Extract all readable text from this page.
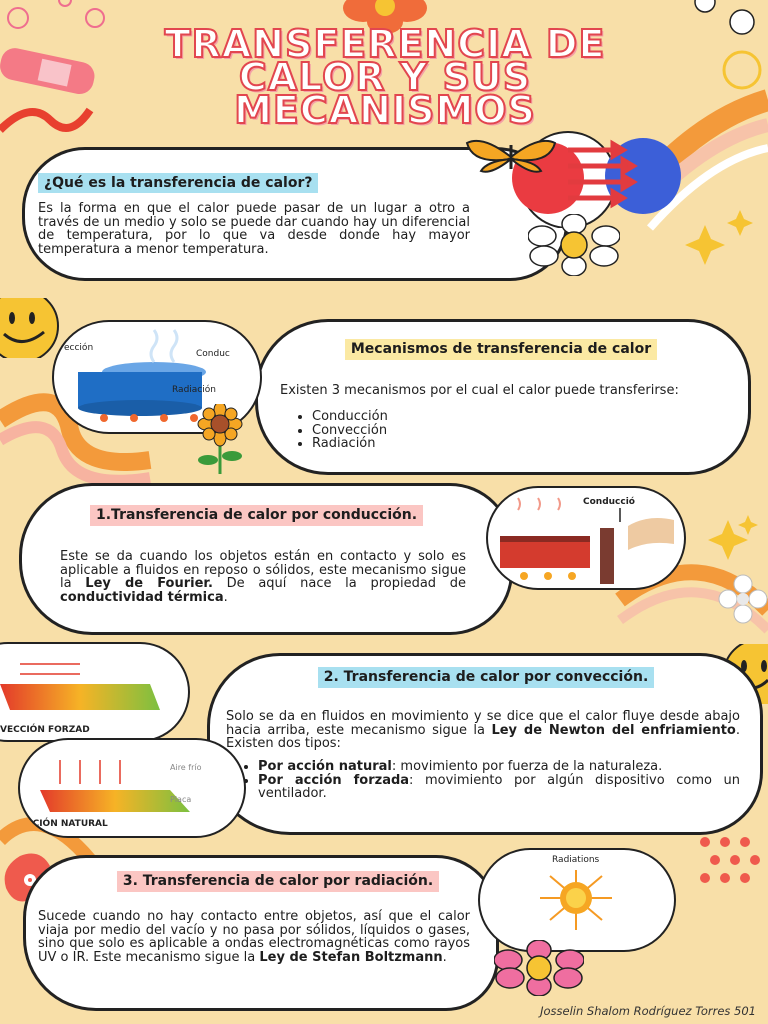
TRANSFERENCIA DE
CALOR Y SUS
MECANISMOS
¿Qué es la transferencia de calor?

Es la forma en que el calor puede pasar de un lugar a otro a través de un medio y solo se puede dar cuando hay un diferencial de temperatura, por lo que va desde donde hay mayor temperatura a menor temperatura.

Mecanismos de transferencia de calor

Existen 3 mecanismos por el cual el calor puede transferirse:

• Conducción
• Convección
• Radiación
ección
Conduc
Radiación
1.Transferencia de calor por conducción.

Este se da cuando los objetos están en contacto y solo es aplicable a fluidos en reposo o sólidos, este mecanismo sigue la Ley de Fourier. De aquí nace la propiedad de conductividad térmica.

Conducció
2. Transferencia de calor por convección.

Solo se da en fluidos en movimiento y se dice que el calor fluye desde abajo hacia arriba, este mecanismo sigue la Ley de Newton del enfriamiento. Existen dos tipos:

• Por acción natural: movimiento por fuerza de la naturaleza.
• Por acción forzada: movimiento por algún dispositivo como un ventilador.
VECCIÓN FORZAD
Aire frío
Placa
CCIÓN NATURAL
3. Transferencia de calor por radiación.

Sucede cuando no hay contacto entre objetos, así que el calor viaja por medio del vacío y no pasa por sólidos, líquidos o gases, sino que solo es aplicable a ondas electromagnéticas como rayos UV o IR. Este mecanismo sigue la Ley de Stefan Boltzmann.

Radiations
Josselin Shalom Rodríguez Torres 501
